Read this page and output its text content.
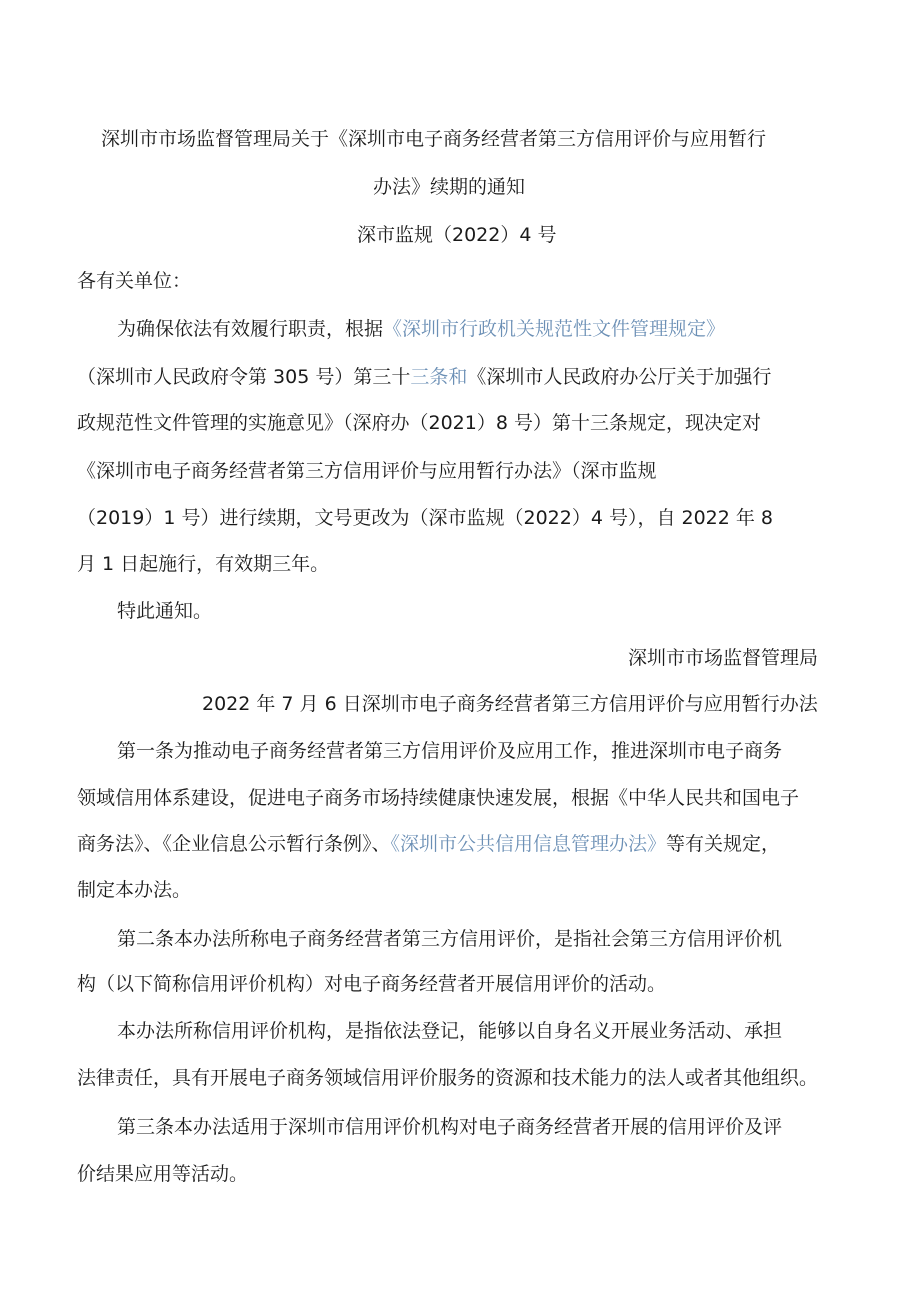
深圳市市场监督管理局关于《深圳市电子商务经营者第三方信用评价与应用暂行
办法》续期的通知
深市监规（2022）4 号
各有关单位：
为确保依法有效履行职责，根据《深圳市行政机关规范性文件管理规定》
（深圳市人民政府令第 305 号）第三十三条和《深圳市人民政府办公厅关于加强行
政规范性文件管理的实施意见》（深府办（2021）8 号）第十三条规定，现决定对
《深圳市电子商务经营者第三方信用评价与应用暂行办法》（深市监规
（2019）1 号）进行续期，文号更改为（深市监规（2022）4 号），自 2022 年 8
月 1 日起施行，有效期三年。
特此通知。
深圳市市场监督管理局
2022 年 7 月 6 日深圳市电子商务经营者第三方信用评价与应用暂行办法
第一条为推动电子商务经营者第三方信用评价及应用工作，推进深圳市电子商务
领域信用体系建设，促进电子商务市场持续健康快速发展，根据《中华人民共和国电子
商务法》、《企业信息公示暂行条例》、《深圳市公共信用信息管理办法》等有关规定，
制定本办法。
第二条本办法所称电子商务经营者第三方信用评价，是指社会第三方信用评价机
构（以下简称信用评价机构）对电子商务经营者开展信用评价的活动。
本办法所称信用评价机构，是指依法登记，能够以自身名义开展业务活动、承担
法律责任，具有开展电子商务领域信用评价服务的资源和技术能力的法人或者其他组织。
第三条本办法适用于深圳市信用评价机构对电子商务经营者开展的信用评价及评
价结果应用等活动。
